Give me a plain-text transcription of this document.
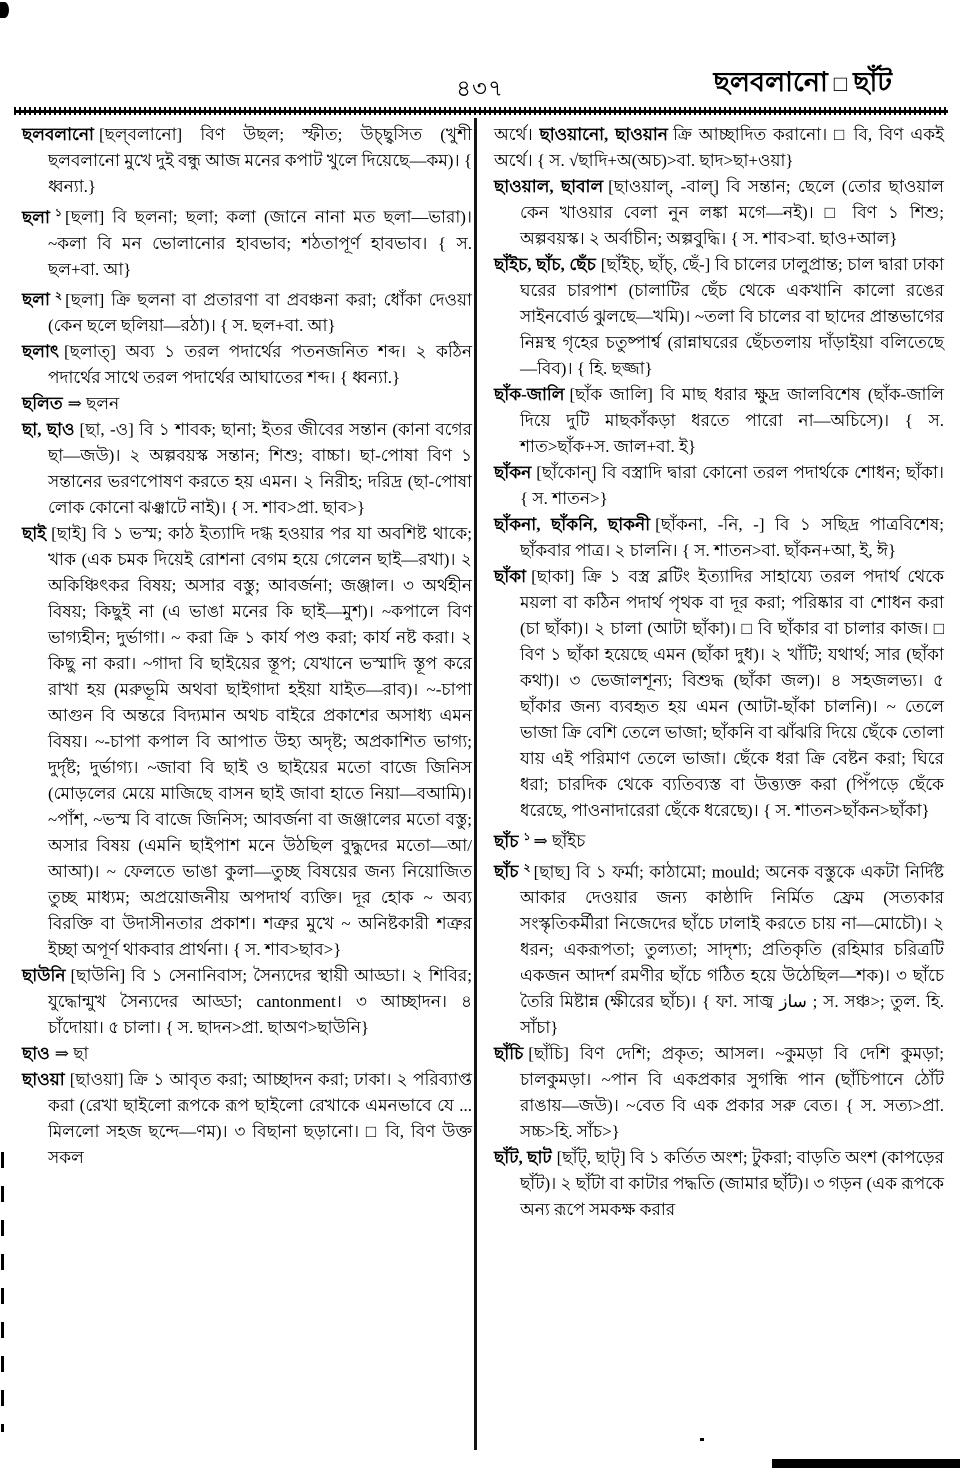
৪৩৭	ছলবলানো □ ছাঁট

ছলবলানো [ছল্‌বলানো] বিণ উছল; স্ফীত; উচ্ছ্বসিত (খুশী ছলবলানো মুখে দুই বন্ধু আজ মনের কপাট খুলে দিয়েছে—কম)। { ধ্বন্যা.}

ছলা $^১$ [ছলা] বি ছলনা; ছলা; কলা (জানে নানা মত ছলা—ভারা)। ~কলা বি মন ভোলানোর হাবভাব; শঠতাপূর্ণ হাবভাব। { স. ছল+বা. আ}

ছলা $^২$ [ছলা] ক্রি ছলনা বা প্রতারণা বা প্রবঞ্চনা করা; ধোঁকা দেওয়া (কেন ছলে ছলিয়া—রঠা)। { স. ছল+বা. আ}

ছলাৎ [ছলাত্] অব্য ১ তরল পদার্থের পতনজনিত শব্দ। ২ কঠিন পদার্থের সাথে তরল পদার্থের আঘাতের শব্দ। { ধ্বন্যা.}

ছলিত ⇒ ছলন

ছা, ছাও [ছা, -ও] বি ১ শাবক; ছানা; ইতর জীবের সন্তান (কানা বগের ছা—জউ)। ২ অল্পবয়স্ক সন্তান; শিশু; বাচ্চা। ছা-পোষা বিণ ১ সন্তানের ভরণপোষণ করতে হয় এমন। ২ নিরীহ; দরিদ্র (ছা-পোষা লোক কোনো ঝঞ্ঝাটে নাই)। { স. শাব>প্রা. ছাব>}

ছাই [ছাই] বি ১ ভস্ম; কাঠ ইত্যাদি দগ্ধ হওয়ার পর যা অবশিষ্ট থাকে; খাক (এক চমক দিয়েই রোশনা বেগম হয়ে গেলেন ছাই—রখা)। ২ অকিঞ্চিৎকর বিষয়; অসার বস্তু; আবর্জনা; জঞ্জাল। ৩ অর্থহীন বিষয়; কিছুই না (এ ভাঙা মনের কি ছাই—মুশ)। ~কপালে বিণ ভাগ্যহীন; দুর্ভাগা। ~ করা ক্রি ১ কার্য পণ্ড করা; কার্য নষ্ট করা। ২ কিছু না করা। ~গাদা বি ছাইয়ের স্তূপ; যেখানে ভস্মাদি স্তূপ করে রাখা হয় (মরুভূমি অথবা ছাইগাদা হইয়া যাইত—রাব)। ~-চাপা আগুন বি অন্তরে বিদ্যমান অথচ বাইরে প্রকাশের অসাধ্য এমন বিষয়। ~-চাপা কপাল বি আপাত উহ্য অদৃষ্ট; অপ্রকাশিত ভাগ্য; দুর্দৃষ্ট; দুর্ভাগ্য। ~জাবা বি ছাই ও ছাইয়ের মতো বাজে জিনিস (মোড়লের মেয়ে মাজিছে বাসন ছাই জাবা হাতে নিয়া—বআমি)। ~পাঁশ, ~ভস্ম বি বাজে জিনিস; আবর্জনা বা জঞ্জালের মতো বস্তু; অসার বিষয় (এমনি ছাইপাশ মনে উঠছিল বুদ্ধুদের মতো—আ/আআ)। ~ ফেলতে ভাঙা কুলা—তুচ্ছ বিষয়ের জন্য নিয়োজিত তুচ্ছ মাধ্যম; অপ্রয়োজনীয় অপদার্থ ব্যক্তি। দূর হোক ~ অব্য বিরক্তি বা উদাসীনতার প্রকাশ। শত্রুর মুখে ~ অনিষ্টকারী শত্রুর ইচ্ছা অপূর্ণ থাকবার প্রার্থনা। { স. শাব>ছাব>}

ছাউনি [ছাউনি] বি ১ সেনানিবাস; সৈন্যদের স্থায়ী আড্ডা। ২ শিবির; যুদ্ধোন্মুখ সৈন্যদের আড্ডা; cantonment। ৩ আচ্ছাদন। ৪ চাঁদোয়া। ৫ চালা। { স. ছাদন>প্রা. ছাঅণ>ছাউনি}

ছাও ⇒ ছা

ছাওয়া [ছাওয়া] ক্রি ১ আবৃত করা; আচ্ছাদন করা; ঢাকা। ২ পরিব্যাপ্ত করা (রেখা ছাইলো রূপকে রূপ ছাইলো রেখাকে এমনভাবে যে ... মিললো সহজ ছন্দে—ণম)। ৩ বিছানা ছড়ানো। □ বি, বিণ উক্ত সকল

অর্থে। ছাওয়ানো, ছাওয়ান ক্রি আচ্ছাদিত করানো। □ বি, বিণ একই অর্থে। { স. √ছাদি+অ(অচ)>বা. ছাদ>ছা+ওয়া}

ছাওয়াল, ছাবাল [ছাওয়াল্, -বাল্] বি সন্তান; ছেলে (তোর ছাওয়াল কেন খাওয়ার বেলা নুন লঙ্কা মগে—নই)। □ বিণ ১ শিশু; অল্পবয়স্ক। ২ অর্বাচীন; অল্পবুদ্ধি। { স. শাব>বা. ছাও+আল}

ছাঁইচ, ছাঁচ, ছেঁচ [ছাঁইচ্, ছাঁচ্, ছেঁ-] বি চালের ঢালুপ্রান্ত; চাল দ্বারা ঢাকা ঘরের চারপাশ (চালাটির ছেঁচ থেকে একখানি কালো রঙের সাইনবোর্ড ঝুলছে—খমি)। ~তলা বি চালের বা ছাদের প্রান্তভাগের নিম্নস্থ গৃহের চতুষ্পার্শ্ব (রান্নাঘরের ছেঁচতলায় দাঁড়াইয়া বলিতেছে—বিব)। { হি. ছজ্জা}

ছাঁক-জালি [ছাঁক জালি] বি মাছ ধরার ক্ষুদ্র জালবিশেষ (ছাঁক-জালি দিয়ে দুটি মাছকাঁকড়া ধরতে পারো না—অচিসে)। { স. শাত>ছাঁক+স. জাল+বা. ই}

ছাঁকন [ছাঁকোন্] বি বস্ত্রাদি দ্বারা কোনো তরল পদার্থকে শোধন; ছাঁকা। { স. শাতন>}

ছাঁকনা, ছাঁকনি, ছাকনী [ছাঁকনা, -নি, -] বি ১ সছিদ্র পাত্রবিশেষ; ছাঁকবার পাত্র। ২ চালনি। { স. শাতন>বা. ছাঁকন+আ, ই, ঈ}

ছাঁকা [ছাকা] ক্রি ১ বস্ত্র ব্লটিং ইত্যাদির সাহায্যে তরল পদার্থ থেকে ময়লা বা কঠিন পদার্থ পৃথক বা দূর করা; পরিষ্কার বা শোধন করা (চা ছাঁকা)। ২ চালা (আটা ছাঁকা)। □ বি ছাঁকার বা চালার কাজ। □ বিণ ১ ছাঁকা হয়েছে এমন (ছাঁকা দুধ)। ২ খাঁটি; যথার্থ; সার (ছাঁকা কথা)। ৩ ভেজালশূন্য; বিশুদ্ধ (ছাঁকা জল)। ৪ সহজলভ্য। ৫ ছাঁকার জন্য ব্যবহৃত হয় এমন (আটা-ছাঁকা চালনি)। ~ তেলে ভাজা ক্রি বেশি তেলে ভাজা; ছাঁকনি বা ঝাঁঝরি দিয়ে ছেঁকে তোলা যায় এই পরিমাণ তেলে ভাজা। ছেঁকে ধরা ক্রি বেষ্টন করা; ঘিরে ধরা; চারদিক থেকে ব্যতিব্যস্ত বা উত্ত্যক্ত করা (পিঁপড়ে ছেঁকে ধরেছে, পাওনাদারেরা ছেঁকে ধরেছে)। { স. শাতন>ছাঁকন>ছাঁকা}

ছাঁচ $^১$ ⇒ ছাঁইচ

ছাঁচ $^২$ [ছাছ] বি ১ ফর্মা; কাঠামো; mould; অনেক বস্তুকে একটা নির্দিষ্ট আকার দেওয়ার জন্য কাষ্ঠাদি নির্মিত ফ্রেম (সত্যকার সংস্কৃতিকর্মীরা নিজেদের ছাঁচে ঢালাই করতে চায় না—মোচৌ)। ২ ধরন; একরূপতা; তুল্যতা; সাদৃশ্য; প্রতিকৃতি (রহিমার চরিত্রটি একজন আদর্শ রমণীর ছাঁচে গঠিত হয়ে উঠেছিল—শক)। ৩ ছাঁচে তৈরি মিষ্টান্ন (ক্ষীরের ছাঁচ)। { ফা. সাজ্ব ساز ; স. সঞ্চ>; তুল. হি. সাঁচা}

ছাঁচি [ছাঁচি] বিণ দেশি; প্রকৃত; আসল। ~কুমড়া বি দেশি কুমড়া; চালকুমড়া। ~পান বি একপ্রকার সুগন্ধি পান (ছাঁচিপানে ঠোঁট রাঙায়—জউ)। ~বেত বি এক প্রকার সরু বেত। { স. সত্য>প্রা. সচ্চ>হি. সাঁচ>}

ছাঁট, ছাট [ছাঁট্, ছাট্] বি ১ কর্তিত অংশ; টুকরা; বাড়তি অংশ (কাপড়ের ছাঁট)। ২ ছাঁটা বা কাটার পদ্ধতি (জামার ছাঁট)। ৩ গড়ন (এক রূপকে অন্য রূপে সমকক্ষ করার
